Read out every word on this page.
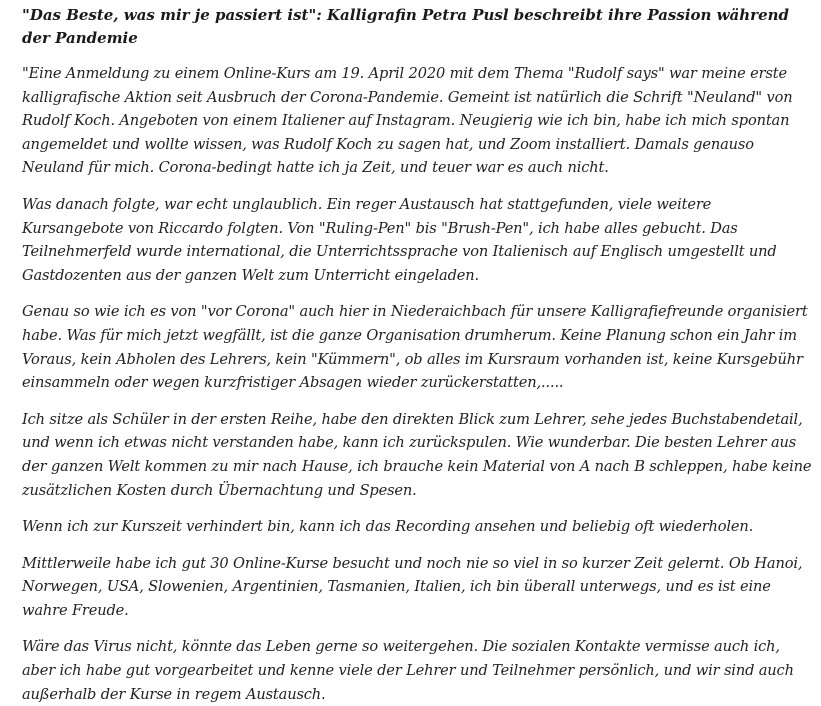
"Das Beste, was mir je passiert ist": Kalligrafin Petra Pusl beschreibt ihre Passion während der Pandemie

"Eine Anmeldung zu einem Online-Kurs am 19. April 2020 mit dem Thema "Rudolf says" war meine erste kalligrafische Aktion seit Ausbruch der Corona-Pandemie. Gemeint ist natürlich die Schrift "Neuland" von Rudolf Koch. Angeboten von einem Italiener auf Instagram. Neugierig wie ich bin, habe ich mich spontan angemeldet und wollte wissen, was Rudolf Koch zu sagen hat, und Zoom installiert. Damals genauso Neuland für mich. Corona-bedingt hatte ich ja Zeit, und teuer war es auch nicht.

Was danach folgte, war echt unglaublich. Ein reger Austausch hat stattgefunden, viele weitere Kursangebote von Riccardo folgten. Von "Ruling-Pen" bis "Brush-Pen", ich habe alles gebucht. Das Teilnehmerfeld wurde international, die Unterrichtssprache von Italienisch auf Englisch umgestellt und Gastdozenten aus der ganzen Welt zum Unterricht eingeladen.

Genau so wie ich es von "vor Corona" auch hier in Niederaichbach für unsere Kalligrafiefreunde organisiert habe. Was für mich jetzt wegfällt, ist die ganze Organisation drumherum. Keine Planung schon ein Jahr im Voraus, kein Abholen des Lehrers, kein "Kümmern", ob alles im Kursraum vorhanden ist, keine Kursgebühr einsammeln oder wegen kurzfristiger Absagen wieder zurückerstatten,.....

Ich sitze als Schüler in der ersten Reihe, habe den direkten Blick zum Lehrer, sehe jedes Buchstabendetail, und wenn ich etwas nicht verstanden habe, kann ich zurückspulen. Wie wunderbar. Die besten Lehrer aus der ganzen Welt kommen zu mir nach Hause, ich brauche kein Material von A nach B schleppen, habe keine zusätzlichen Kosten durch Übernachtung und Spesen.

Wenn ich zur Kurszeit verhindert bin, kann ich das Recording ansehen und beliebig oft wiederholen.

Mittlerweile habe ich gut 30 Online-Kurse besucht und noch nie so viel in so kurzer Zeit gelernt. Ob Hanoi, Norwegen, USA, Slowenien, Argentinien, Tasmanien, Italien, ich bin überall unterwegs, und es ist eine wahre Freude.

Wäre das Virus nicht, könnte das Leben gerne so weitergehen. Die sozialen Kontakte vermisse auch ich, aber ich habe gut vorgearbeitet und kenne viele der Lehrer und Teilnehmer persönlich, und wir sind auch außerhalb der Kurse in regem Austausch.
